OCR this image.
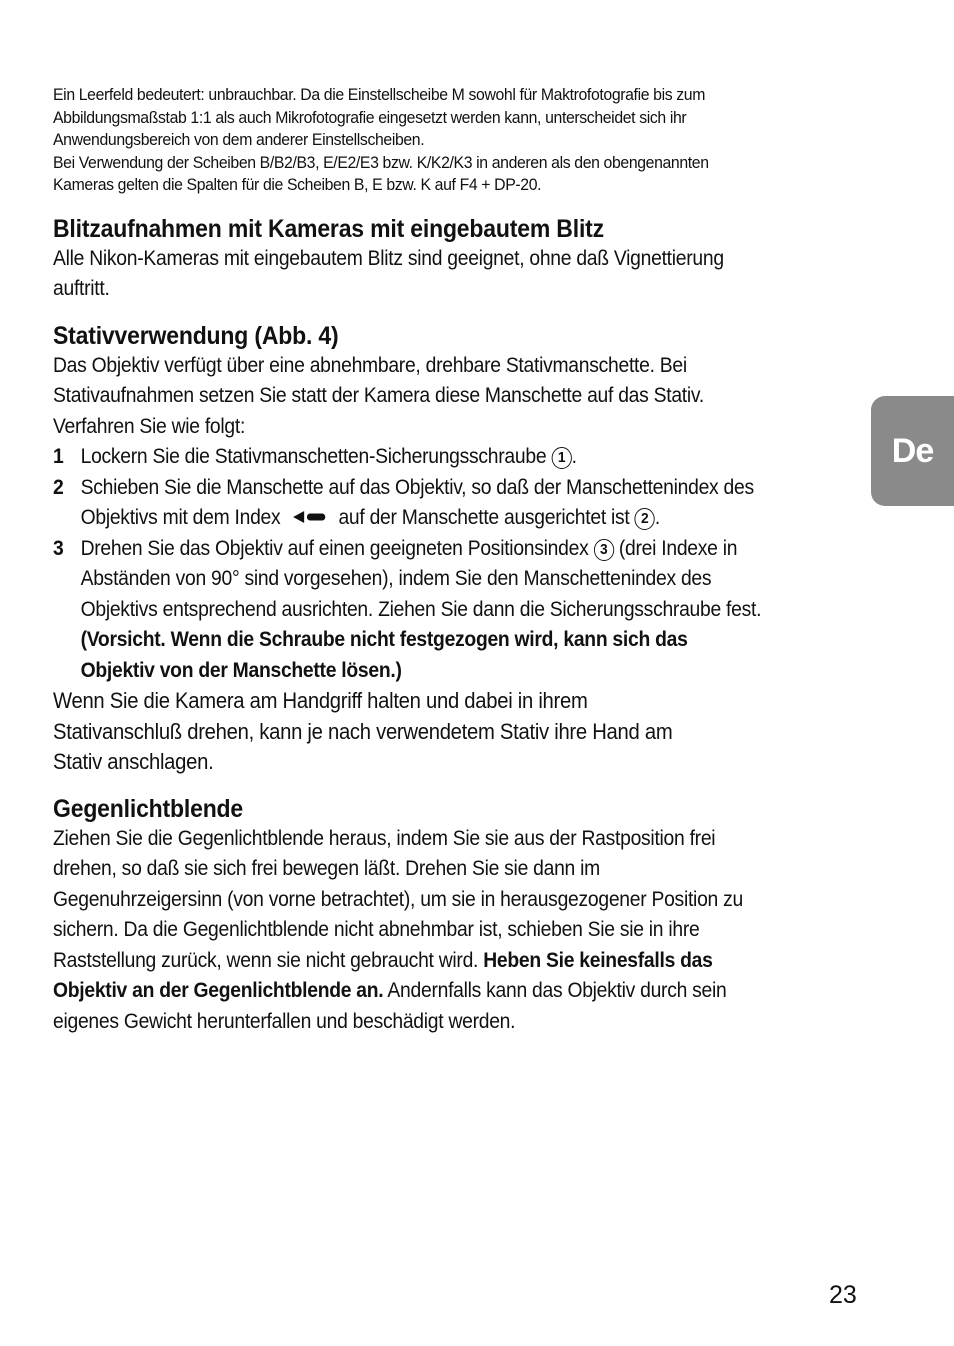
Ein Leerfeld bedeutert: unbrauchbar. Da die Einstellscheibe M sowohl für Maktrofotografie bis zum

Abbildungsmaßstab 1:1 als auch Mikrofotografie eingesetzt werden kann, unterscheidet sich ihr

Anwendungsbereich von dem anderer Einstellscheiben.

Bei Verwendung der Scheiben B/B2/B3, E/E2/E3 bzw. K/K2/K3 in anderen als den obengenannten

Kameras gelten die Spalten für die Scheiben B, E bzw. K auf F4 + DP-20.

Blitzaufnahmen mit Kameras mit eingebautem Blitz

Alle Nikon-Kameras mit eingebautem Blitz sind geeignet, ohne daß Vignettierung

auftritt.

Stativverwendung (Abb. 4)

Das Objektiv verfügt über eine abnehmbare, drehbare Stativmanschette. Bei

Stativaufnahmen setzen Sie statt der Kamera diese Manschette auf das Stativ.

Verfahren Sie wie folgt:

1 Lockern Sie die Stativmanschetten-Sicherungsschraube 1 .
2 Schieben Sie die Manschette auf das Objektiv, so daß der Manschettenindex des
Objektivs mit dem Index	auf der Manschette ausgerichtet ist 2 .
3 Drehen Sie das Objektiv auf einen geeigneten Positionsindex 3 (drei Indexe in
Abständen von 90° sind vorgesehen), indem Sie den Manschettenindex des
Objektivs entsprechend ausrichten. Ziehen Sie dann die Sicherungsschraube fest.
(Vorsicht. Wenn die Schraube nicht festgezogen wird, kann sich das
Objektiv von der Manschette lösen.)

Wenn Sie die Kamera am Handgriff halten und dabei in ihrem

Stativanschluß drehen, kann je nach verwendetem Stativ ihre Hand am

Stativ anschlagen.

Gegenlichtblende

Ziehen Sie die Gegenlichtblende heraus, indem Sie sie aus der Rastposition frei

drehen, so daß sie sich frei bewegen läßt. Drehen Sie sie dann im

Gegenuhrzeigersinn (von vorne betrachtet), um sie in herausgezogener Position zu

sichern. Da die Gegenlichtblende nicht abnehmbar ist, schieben Sie sie in ihre

Raststellung zurück, wenn sie nicht gebraucht wird. Heben Sie keinesfalls das

Objektiv an der Gegenlichtblende an. Andernfalls kann das Objektiv durch sein

eigenes Gewicht herunterfallen und beschädigt werden.

De
23
